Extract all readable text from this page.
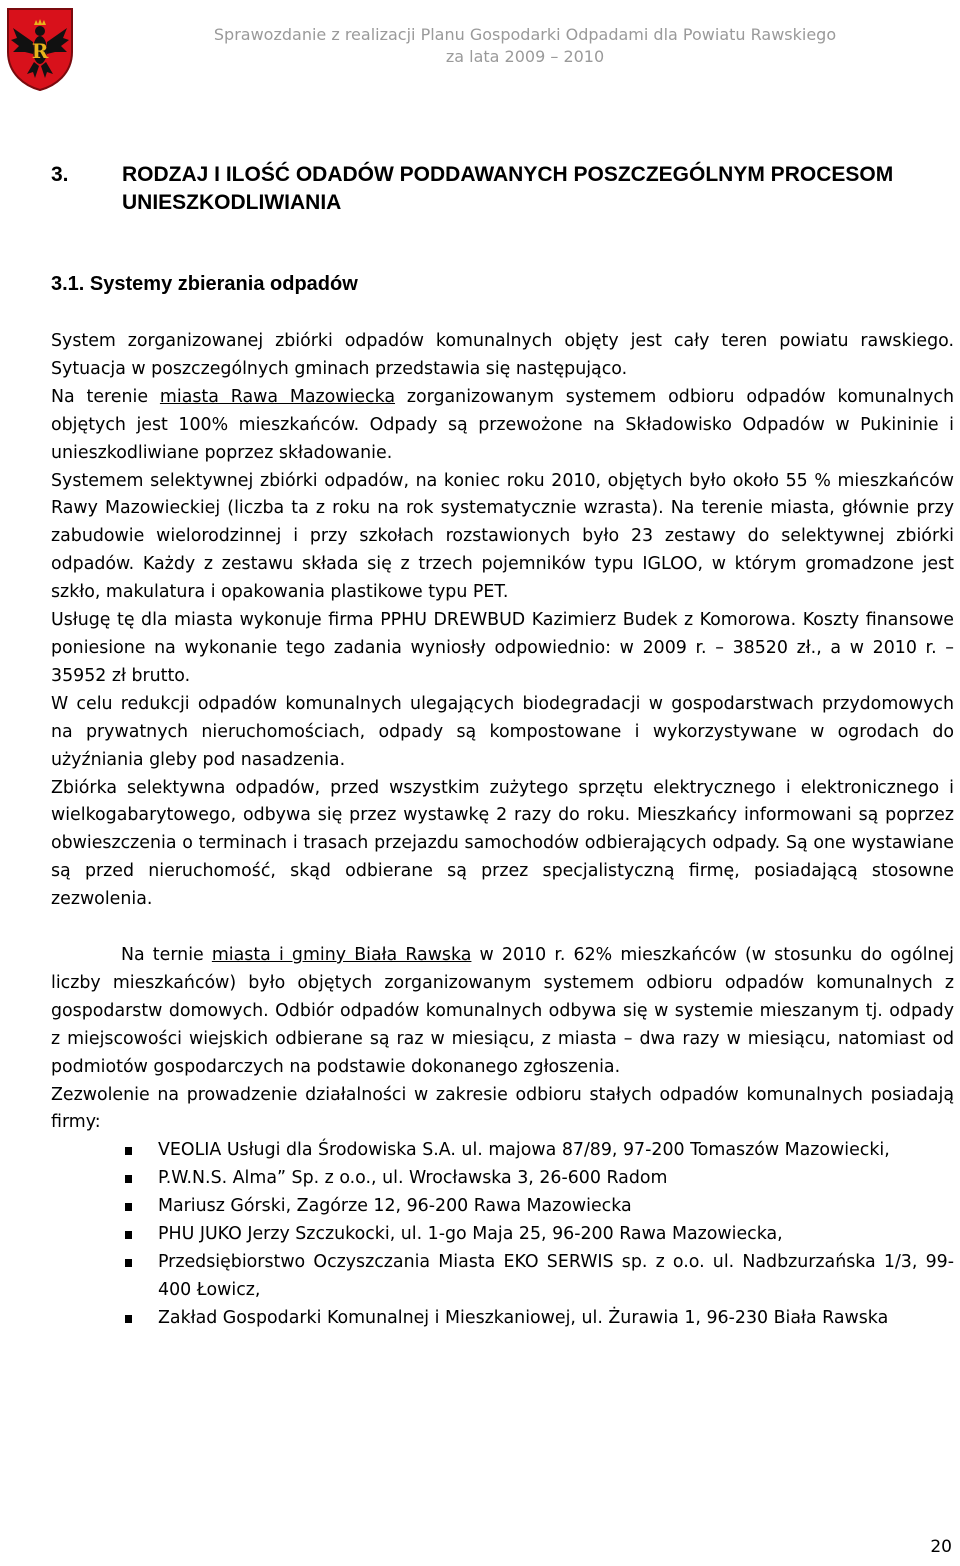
R
Sprawozdanie z realizacji Planu Gospodarki Odpadami dla Powiatu Rawskiego
za lata 2009 – 2010
3.	RODZAJ I ILOŚĆ ODADÓW PODDAWANYCH POSZCZEGÓLNYM PROCESOM UNIESZKODLIWIANIA
3.1. Systemy zbierania odpadów

System zorganizowanej zbiórki odpadów komunalnych objęty jest cały teren powiatu rawskiego. Sytuacja w poszczególnych gminach przedstawia się następująco.

Na terenie miasta Rawa Mazowiecka zorganizowanym systemem odbioru odpadów komunalnych objętych jest 100% mieszkańców. Odpady są przewożone na Składowisko Odpadów w Pukininie i unieszkodliwiane poprzez składowanie.

Systemem selektywnej zbiórki odpadów, na koniec roku 2010, objętych było około 55 % mieszkańców Rawy Mazowieckiej (liczba ta z roku na rok systematycznie wzrasta). Na terenie miasta, głównie przy zabudowie wielorodzinnej i przy szkołach rozstawionych było 23 zestawy do selektywnej zbiórki odpadów. Każdy z zestawu składa się z trzech pojemników typu IGLOO, w którym gromadzone jest szkło, makulatura i opakowania plastikowe typu PET.

Usługę tę dla miasta wykonuje firma PPHU DREWBUD Kazimierz Budek z Komorowa. Koszty finansowe poniesione na wykonanie tego zadania wyniosły odpowiednio: w 2009 r. – 38520 zł., a w 2010 r. – 35952 zł brutto.

W celu redukcji odpadów komunalnych ulegających biodegradacji w gospodarstwach przydomowych na prywatnych nieruchomościach, odpady są kompostowane i wykorzystywane w ogrodach do użyźniania gleby pod nasadzenia.

Zbiórka selektywna odpadów, przed wszystkim zużytego sprzętu elektrycznego i elektronicznego i wielkogabarytowego, odbywa się przez wystawkę 2 razy do roku. Mieszkańcy informowani są poprzez obwieszczenia o terminach i trasach przejazdu samochodów odbierających odpady. Są one wystawiane są przed nieruchomość, skąd odbierane są przez specjalistyczną firmę, posiadającą stosowne zezwolenia.

Na ternie miasta i gminy Biała Rawska w 2010 r. 62% mieszkańców (w stosunku do ogólnej liczby mieszkańców) było objętych zorganizowanym systemem odbioru odpadów komunalnych z gospodarstw domowych. Odbiór odpadów komunalnych odbywa się w systemie mieszanym tj. odpady z miejscowości wiejskich odbierane są raz w miesiącu, z miasta – dwa razy w miesiącu, natomiast od podmiotów gospodarczych na podstawie dokonanego zgłoszenia.

Zezwolenie na prowadzenie działalności w zakresie odbioru stałych odpadów komunalnych posiadają firmy:

VEOLIA Usługi dla Środowiska S.A. ul. majowa 87/89, 97-200 Tomaszów Mazowiecki,
P.W.N.S. Alma” Sp. z o.o., ul. Wrocławska 3, 26-600 Radom
Mariusz Górski, Zagórze 12, 96-200 Rawa Mazowiecka
PHU JUKO Jerzy Szczukocki, ul. 1-go Maja 25, 96-200 Rawa Mazowiecka,
Przedsiębiorstwo Oczyszczania Miasta EKO SERWIS sp. z o.o. ul. Nadbzurzańska 1/3, 99-400 Łowicz,
Zakład Gospodarki Komunalnej i Mieszkaniowej, ul. Żurawia 1, 96-230 Biała Rawska
20
